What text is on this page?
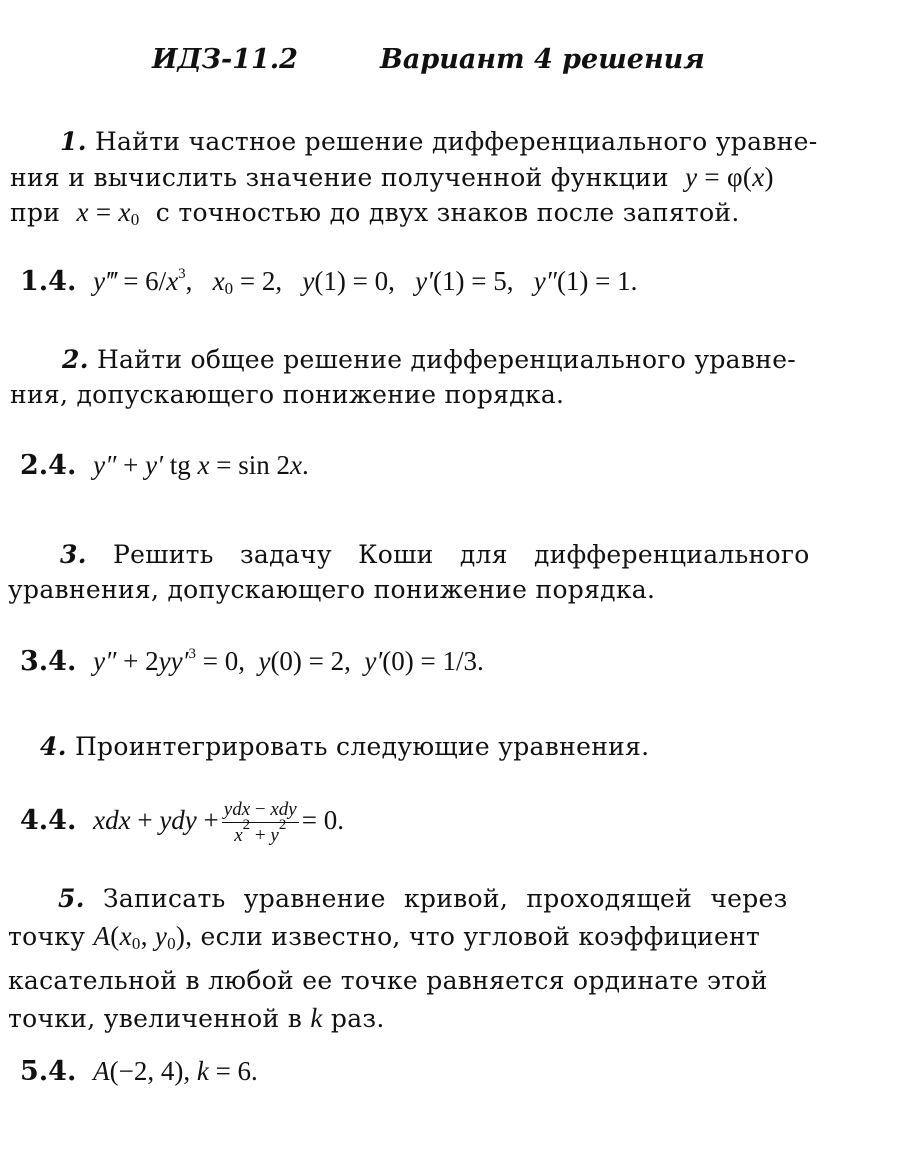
ИДЗ-11.2	Вариант 4 решения
1. Найти частное решение дифференциального уравне-
ния и вычислить значение полученной функции y = φ(x)
при $x = x_0$ с точностью до двух знаков после запятой.
1.4. y‴ = $6/x^3$,   $x_0 = 2$,   y(1) = 0,   y′(1) = 5,   y″(1) = 1.
2. Найти общее решение дифференциального уравне-
ния, допускающего понижение порядка.
2.4. y″ + y′ tg x = sin 2x.
3. Решить задачу Коши для дифференциального
уравнения, допускающего понижение порядка.
3.4. $y'' + 2yy'^3 = 0$,  y(0) = 2,  y′(0) = 1/3.
4. Проинтегрировать следующие уравнения.
4.4. xdx + ydy + $\frac{\text{ydx − xdy}}{x^2 + y^2} = 0$.
5. Записать уравнение кривой, проходящей через
точку $A(x_0$, $y_0$), если известно, что угловой коэффициент
касательной в любой ее точке равняется ординате этой
точки, увеличенной в k раз.
5.4. A(−2, 4), k = 6.
